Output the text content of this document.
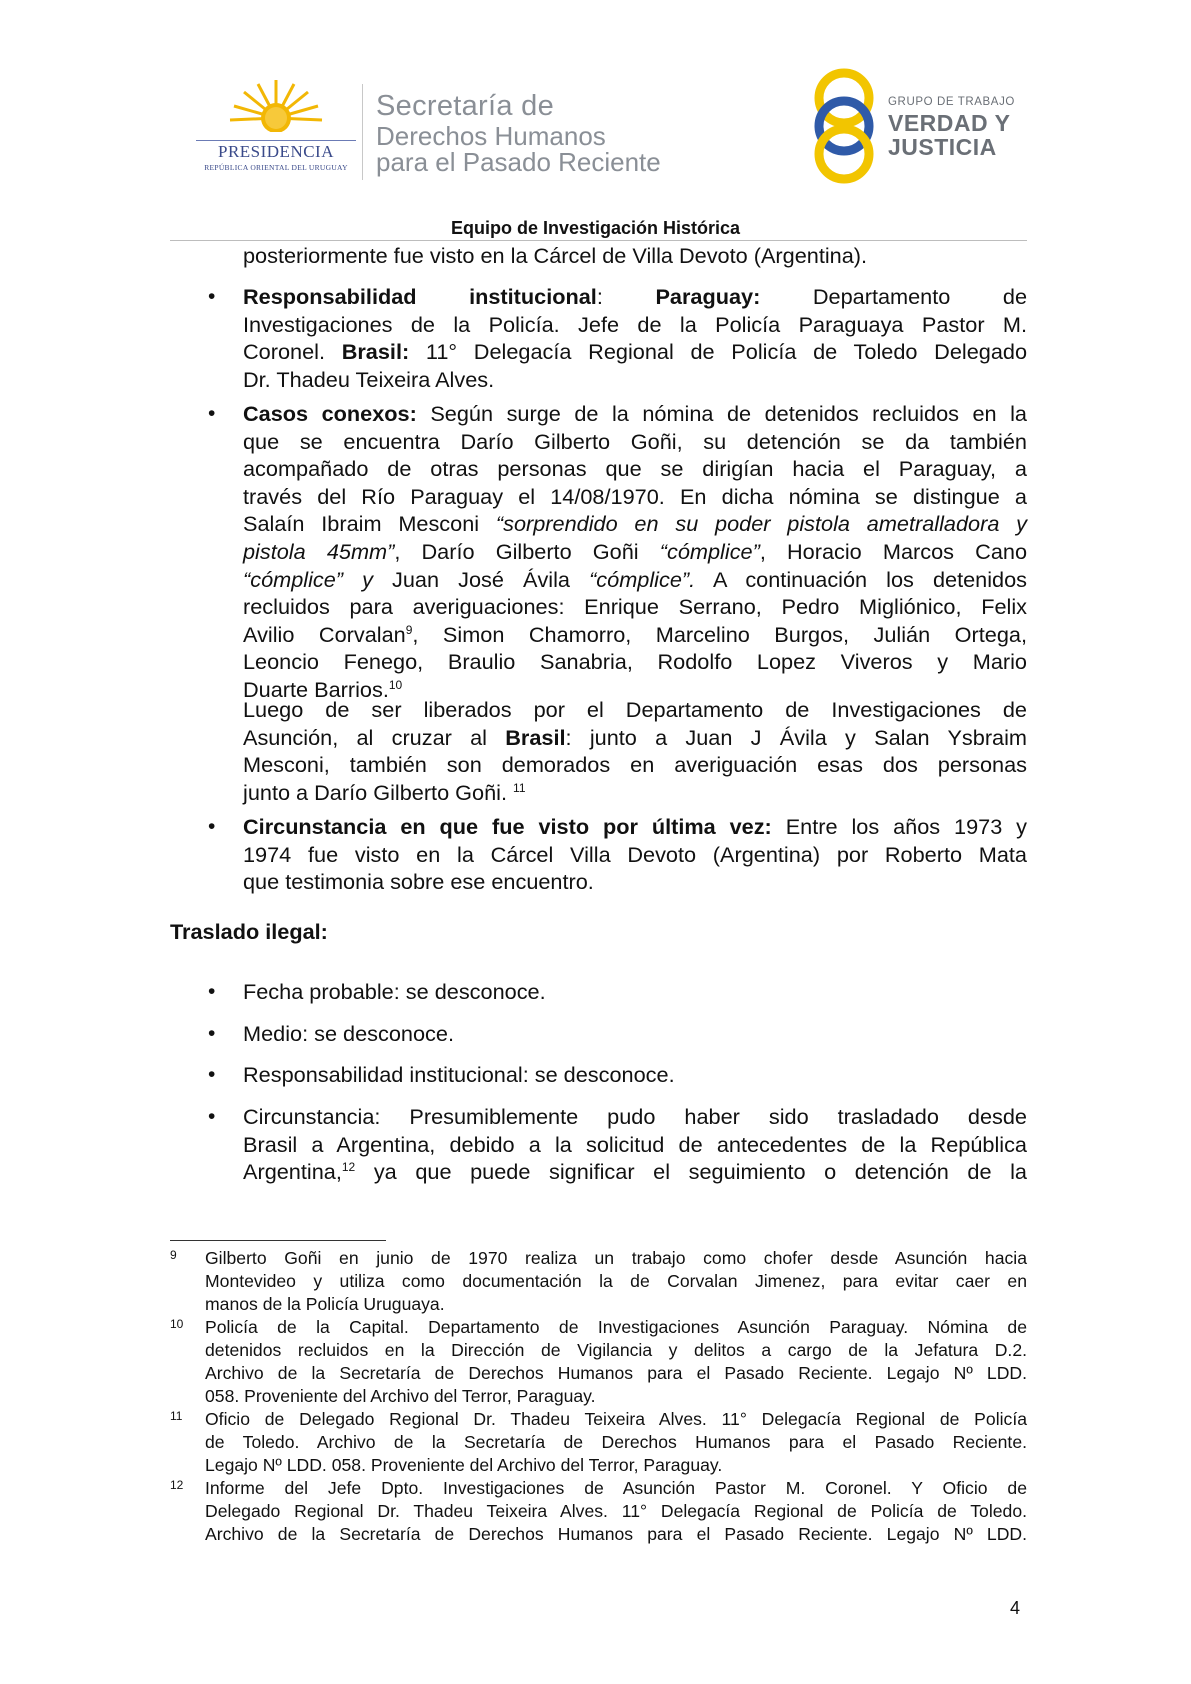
PRESIDENCIA
REPÚBLICA ORIENTAL DEL URUGUAY
Secretaría de
Derechos Humanos
para el Pasado Reciente
GRUPO DE TRABAJO
VERDAD Y
JUSTICIA
Equipo de Investigación Histórica
posteriormente fue visto en la Cárcel de Villa Devoto (Argentina).
• Responsabilidad institucional: Paraguay: Departamento de
Investigaciones de la Policía. Jefe de la Policía Paraguaya Pastor M.
Coronel. Brasil: 11° Delegacía Regional de Policía de Toledo Delegado
Dr. Thadeu Teixeira Alves.
• Casos conexos: Según surge de la nómina de detenidos recluidos en la
que se encuentra Darío Gilberto Goñi, su detención se da también
acompañado de otras personas que se dirigían hacia el Paraguay, a
través del Río Paraguay el 14/08/1970. En dicha nómina se distingue a
Salaín Ibraim Mesconi “sorprendido en su poder pistola ametralladora y
pistola 45mm”, Darío Gilberto Goñi “cómplice”, Horacio Marcos Cano
“cómplice” y Juan José Ávila “cómplice”. A continuación los detenidos
recluidos para averiguaciones: Enrique Serrano, Pedro Migliónico, Felix
Avilio Corvalan$^9$, Simon Chamorro, Marcelino Burgos, Julián Ortega,
Leoncio Fenego, Braulio Sanabria, Rodolfo Lopez Viveros y Mario
Duarte Barrios.$^{10}$
Luego de ser liberados por el Departamento de Investigaciones de
Asunción, al cruzar al Brasil: junto a Juan J Ávila y Salan Ysbraim
Mesconi, también son demorados en averiguación esas dos personas
junto a Darío Gilberto Goñi. $^{11}$
• Circunstancia en que fue visto por última vez: Entre los años 1973 y
1974 fue visto en la Cárcel Villa Devoto (Argentina) por Roberto Mata
que testimonia sobre ese encuentro.
Traslado ilegal:
• Fecha probable: se desconoce.
• Medio: se desconoce.
• Responsabilidad institucional: se desconoce.
• Circunstancia: Presumiblemente pudo haber sido trasladado desde
Brasil a Argentina, debido a la solicitud de antecedentes de la República
Argentina,$^{12}$ ya que puede significar el seguimiento o detención de la
9 Gilberto Goñi en junio de 1970 realiza un trabajo como chofer desde Asunción hacia
Montevideo y utiliza como documentación la de Corvalan Jimenez, para evitar caer en
manos de la Policía Uruguaya.
10 Policía de la Capital. Departamento de Investigaciones Asunción Paraguay. Nómina de
detenidos recluidos en la Dirección de Vigilancia y delitos a cargo de la Jefatura D.2.
Archivo de la Secretaría de Derechos Humanos para el Pasado Reciente. Legajo Nº LDD.
058. Proveniente del Archivo del Terror, Paraguay.
11 Oficio de Delegado Regional Dr. Thadeu Teixeira Alves. 11° Delegacía Regional de Policía
de Toledo. Archivo de la Secretaría de Derechos Humanos para el Pasado Reciente.
Legajo Nº LDD. 058. Proveniente del Archivo del Terror, Paraguay.
12 Informe del Jefe Dpto. Investigaciones de Asunción Pastor M. Coronel. Y Oficio de
Delegado Regional Dr. Thadeu Teixeira Alves. 11° Delegacía Regional de Policía de Toledo.
Archivo de la Secretaría de Derechos Humanos para el Pasado Reciente. Legajo Nº LDD.
4
